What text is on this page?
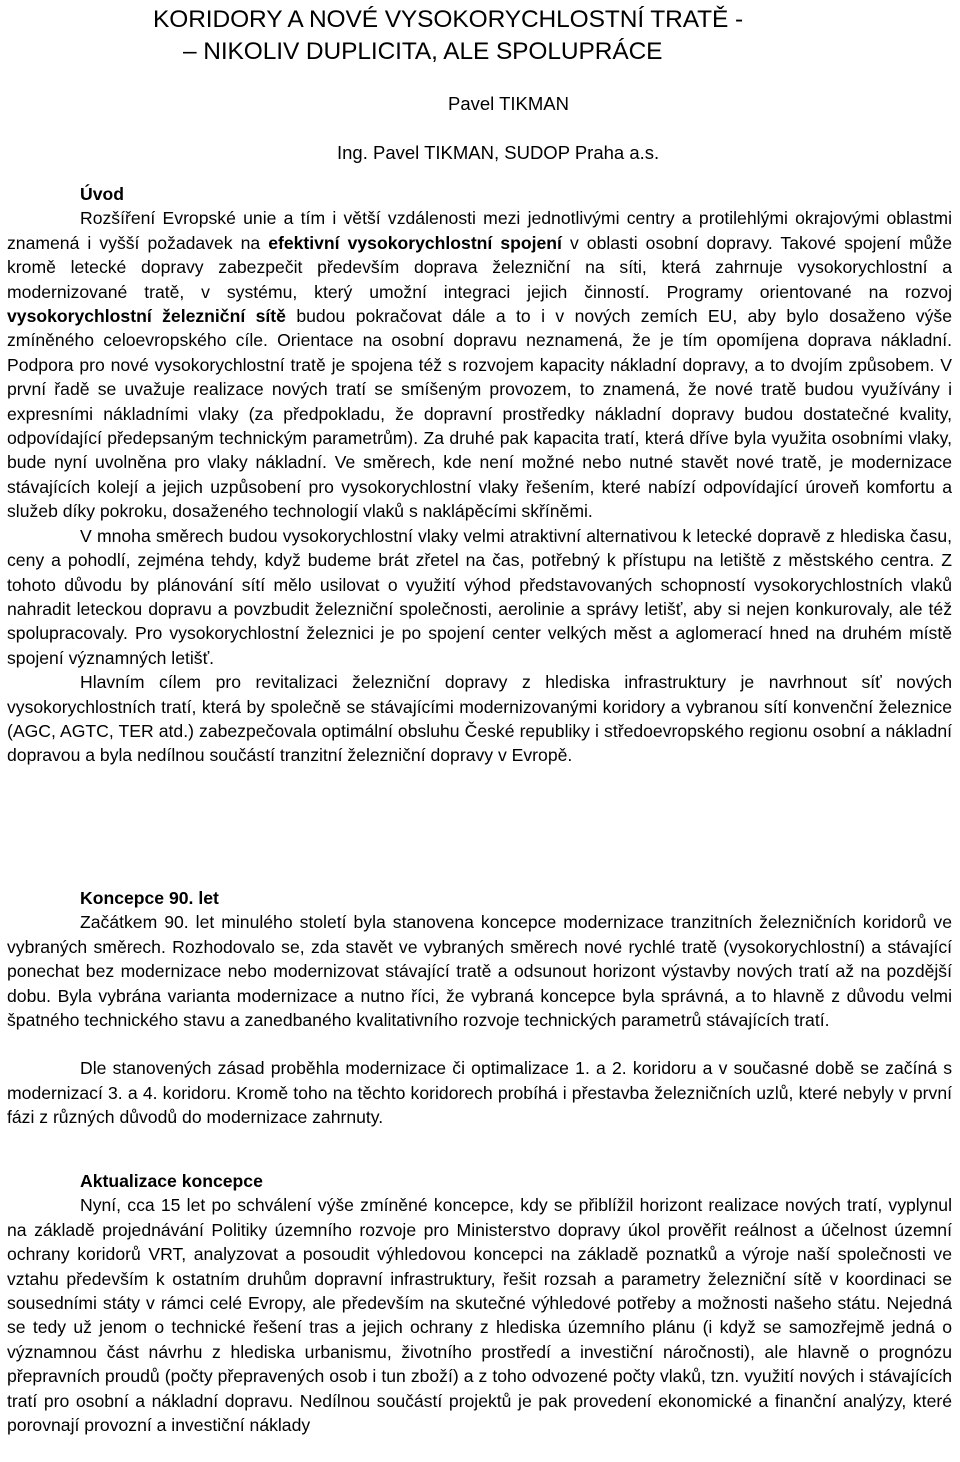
KORIDORY A NOVÉ VYSOKORYCHLOSTNÍ TRATĚ -
– NIKOLIV DUPLICITA, ALE SPOLUPRÁCE
Pavel TIKMAN
Ing. Pavel TIKMAN, SUDOP Praha a.s.
Úvod

Rozšíření Evropské unie a tím i větší vzdálenosti mezi jednotlivými centry a protilehlými okrajovými oblastmi znamená i vyšší požadavek na efektivní vysokorychlostní spojení v oblasti osobní dopravy. Takové spojení může kromě letecké dopravy zabezpečit především doprava železniční na síti, která zahrnuje vysokorychlostní a modernizované tratě, v systému, který umožní integraci jejich činností. Programy orientované na rozvoj vysokorychlostní železniční sítě budou pokračovat dále a to i v nových zemích EU, aby bylo dosaženo výše zmíněného celoevropského cíle. Orientace na osobní dopravu neznamená, že je tím opomíjena doprava nákladní. Podpora pro nové vysokorychlostní tratě je spojena též s rozvojem kapacity nákladní dopravy, a to dvojím způsobem. V první řadě se uvažuje realizace nových tratí se smíšeným provozem, to znamená, že nové tratě budou využívány i expresními nákladními vlaky (za předpokladu, že dopravní prostředky nákladní dopravy budou dostatečné kvality, odpovídající předepsaným technickým parametrům). Za druhé pak kapacita tratí, která dříve byla využita osobními vlaky, bude nyní uvolněna pro vlaky nákladní. Ve směrech, kde není možné nebo nutné stavět nové tratě, je modernizace stávajících kolejí a jejich uzpůsobení pro vysokorychlostní vlaky řešením, které nabízí odpovídající úroveň komfortu a služeb díky pokroku, dosaženého technologií vlaků s naklápěcími skříněmi.

V mnoha směrech budou vysokorychlostní vlaky velmi atraktivní alternativou k letecké dopravě z hlediska času, ceny a pohodlí, zejména tehdy, když budeme brát zřetel na čas, potřebný k přístupu na letiště z městského centra. Z tohoto důvodu by plánování sítí mělo usilovat o využití výhod představovaných schopností vysokorychlostních vlaků nahradit leteckou dopravu a povzbudit železniční společnosti, aerolinie a správy letišť, aby si nejen konkurovaly, ale též spolupracovaly. Pro vysokorychlostní železnici je po spojení center velkých měst a aglomerací hned na druhém místě spojení významných letišť.

Hlavním cílem pro revitalizaci železniční dopravy z hlediska infrastruktury je navrhnout síť nových vysokorychlostních tratí, která by společně se stávajícími modernizovanými koridory a vybranou sítí konvenční železnice (AGC, AGTC, TER atd.) zabezpečovala optimální obsluhu České republiky i středoevropského regionu osobní a nákladní dopravou a byla nedílnou součástí tranzitní železniční dopravy v Evropě.

Koncepce 90. let

Začátkem 90. let minulého století byla stanovena koncepce modernizace tranzitních železničních koridorů ve vybraných směrech. Rozhodovalo se, zda stavět ve vybraných směrech nové rychlé tratě (vysokorychlostní) a stávající ponechat bez modernizace nebo modernizovat stávající tratě a odsunout horizont výstavby nových tratí až na pozdější dobu. Byla vybrána varianta modernizace a nutno říci, že vybraná koncepce byla správná, a to hlavně z důvodu velmi špatného technického stavu a zanedbaného kvalitativního rozvoje technických parametrů stávajících tratí.

Dle stanovených zásad proběhla modernizace či optimalizace 1. a 2. koridoru a v současné době se začíná s modernizací 3. a 4. koridoru. Kromě toho na těchto koridorech probíhá i přestavba železničních uzlů, které nebyly v první fázi z různých důvodů do modernizace zahrnuty.

Aktualizace koncepce

Nyní, cca 15 let po schválení výše zmíněné koncepce, kdy se přiblížil horizont realizace nových tratí, vyplynul na základě projednávání Politiky územního rozvoje pro Ministerstvo dopravy úkol prověřit reálnost a účelnost územní ochrany koridorů VRT, analyzovat a posoudit výhledovou koncepci na základě poznatků a výroje naší společnosti ve vztahu především k ostatním druhům dopravní infrastruktury, řešit rozsah a parametry železniční sítě v koordinaci se sousedními státy v rámci celé Evropy, ale především na skutečné výhledové potřeby a možnosti našeho státu. Nejedná se tedy už jenom o technické řešení tras a jejich ochrany z hlediska územního plánu (i když se samozřejmě jedná o významnou část návrhu z hlediska urbanismu, životního prostředí a investiční náročnosti), ale hlavně o prognózu přepravních proudů (počty přepravených osob i tun zboží) a z toho odvozené počty vlaků, tzn. využití nových i stávajících tratí pro osobní a nákladní dopravu. Nedílnou součástí projektů je pak provedení ekonomické a finanční analýzy, které porovnají provozní a investiční náklady
